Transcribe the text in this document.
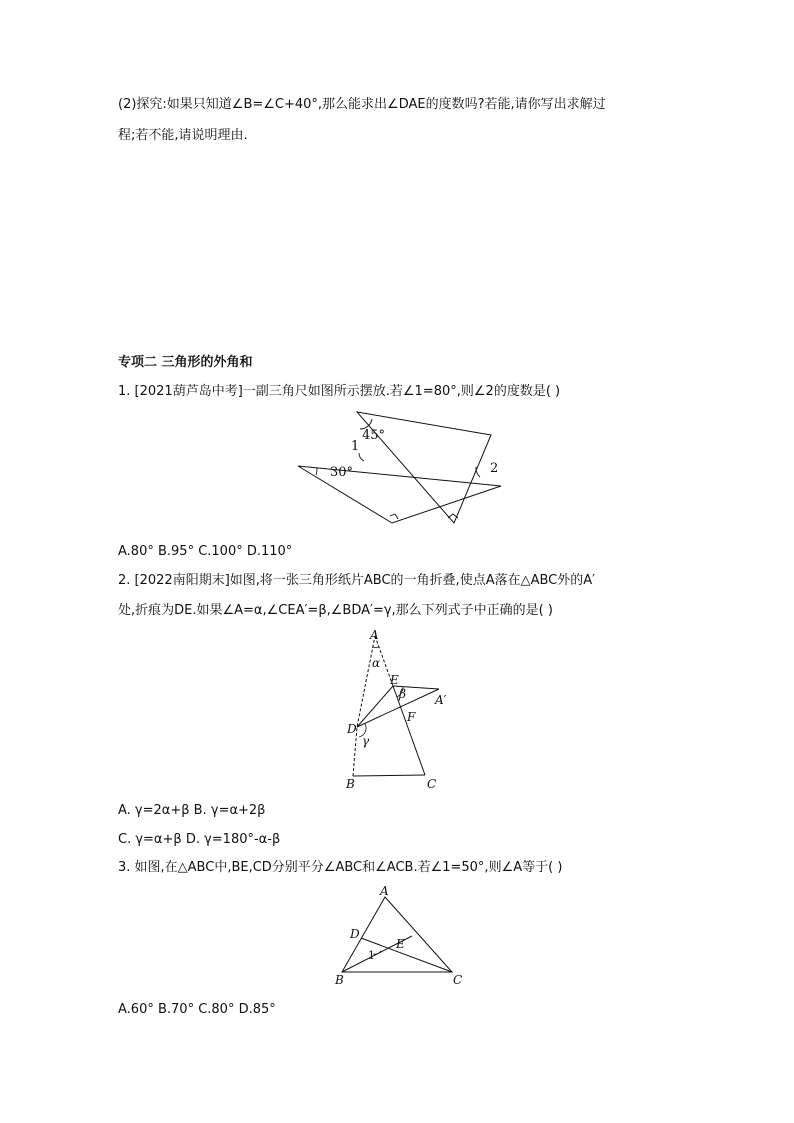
(2)探究:如果只知道∠B=∠C+40°,那么能求出∠DAE的度数吗?若能,请你写出求解过
程;若不能,请说明理由.
专项二 三角形的外角和
1. [2021葫芦岛中考]一副三角尺如图所示摆放.若∠1=80°,则∠2的度数是( )
45°
30°
1
2
A.80° B.95° C.100° D.110°
2. [2022南阳期末]如图,将一张三角形纸片ABC的一角折叠,使点A落在△ABC外的A′
处,折痕为DE.如果∠A=α,∠CEA′=β,∠BDA′=γ,那么下列式子中正确的是( )
A
α
E
β A′
F
D
γ
B	C
A. γ=2α+β B. γ=α+2β
C. γ=α+β D. γ=180°-α-β
3. 如图,在△ABC中,BE,CD分别平分∠ABC和∠ACB.若∠1=50°,则∠A等于( )
A
D
E
1
B	C
A.60° B.70° C.80° D.85°
